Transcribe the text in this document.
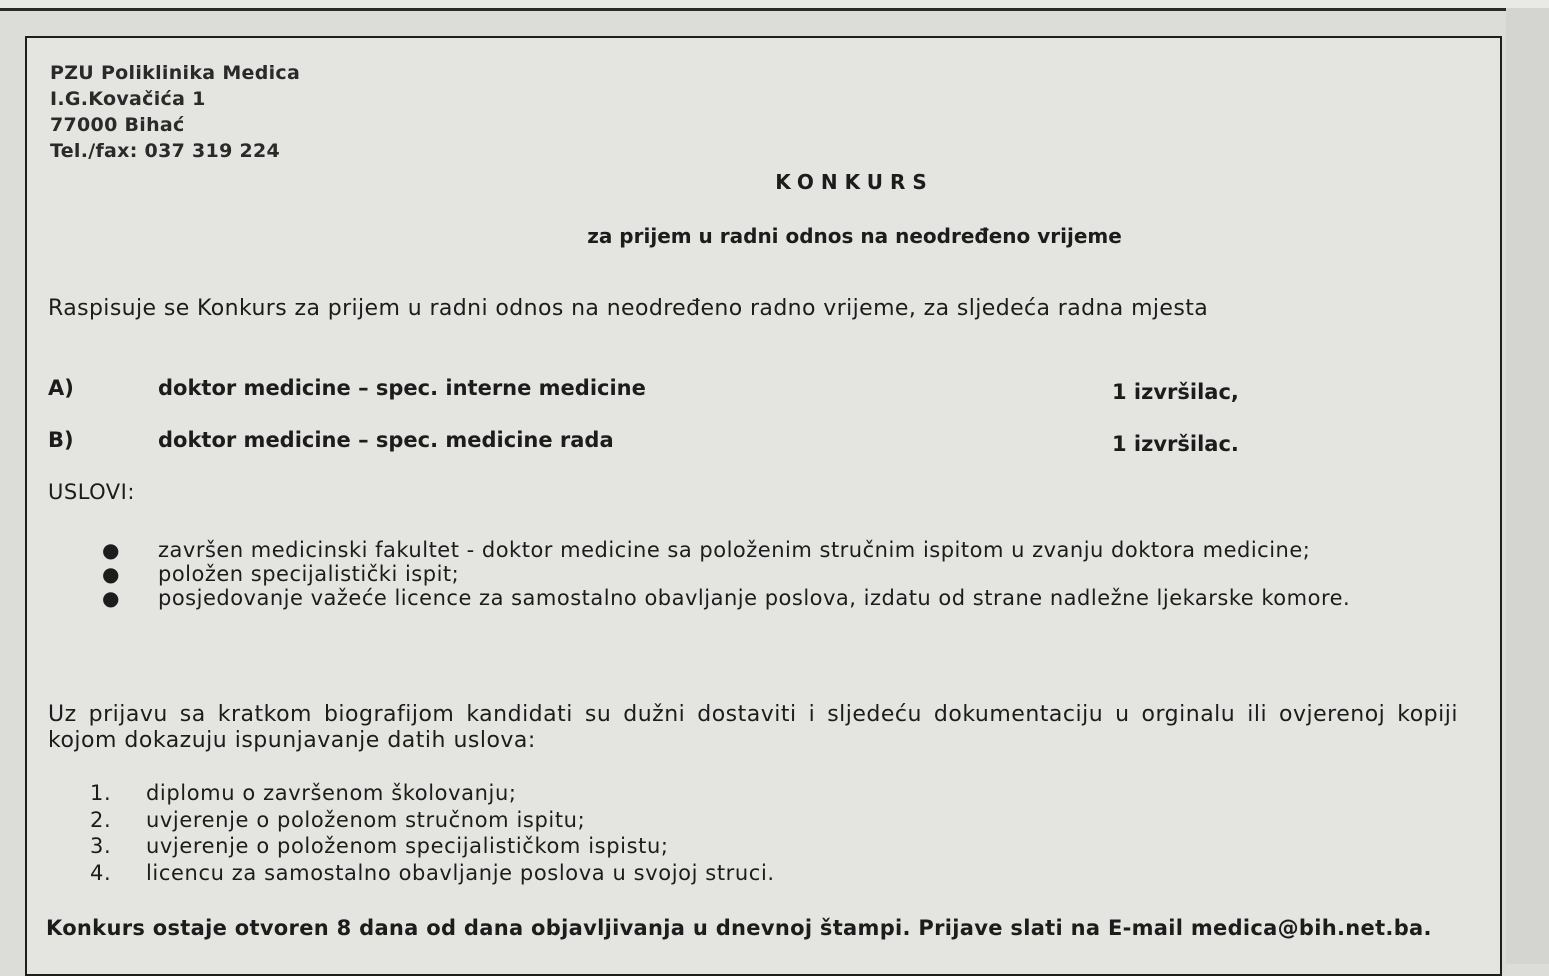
PZU Poliklinika Medica
I.G.Kovačića 1
77000 Bihać
Tel./fax: 037 319 224
KONKURS
za prijem u radni odnos na neodređeno vrijeme
Raspisuje se Konkurs za prijem u radni odnos na neodređeno radno vrijeme, za sljedeća radna mjesta
A)	doktor medicine – spec. interne medicine	1 izvršilac,
B)	doktor medicine – spec. medicine rada	1 izvršilac.
USLOVI:
● završen medicinski fakultet - doktor medicine sa položenim stručnim ispitom u zvanju doktora medicine;
● položen specijalistički ispit;
● posjedovanje važeće licence za samostalno obavljanje poslova, izdatu od strane nadležne ljekarske komore.
Uz prijavu sa kratkom biografijom kandidati su dužni dostaviti i sljedeću dokumentaciju u orginalu ili ovjerenoj kopiji kojom dokazuju ispunjavanje datih uslova:
1. diplomu o završenom školovanju;
2. uvjerenje o položenom stručnom ispitu;
3. uvjerenje o položenom specijalističkom ispistu;
4. licencu za samostalno obavljanje poslova u svojoj struci.
Konkurs ostaje otvoren 8 dana od dana objavljivanja u dnevnoj štampi. Prijave slati na E-mail medica@bih.net.ba.
